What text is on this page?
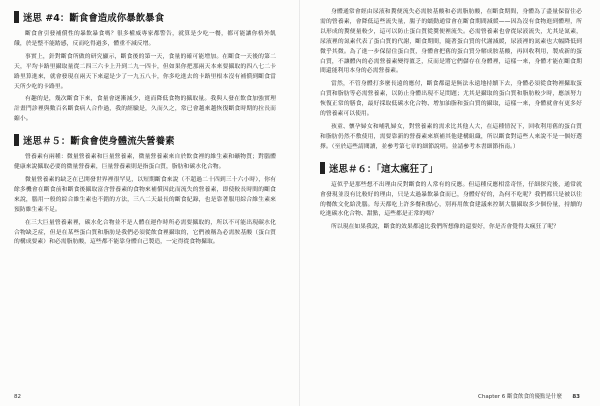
迷思 #4：斷食會造成你暴飲暴食

斷食會引發補償性的暴飲暴食嗎？很多權威專家都警告，就算是少吃一餐，都可能讓你格外飢餓，於是整不能踏感，反而吃得過多，體重不減反增。

事實上，針對斷食所做的研究顯示，斷食後的第一天，食量的確可能增加。在斷食一天後的第二天，平均卡路里攝取量從二四三六卡上升到二九一四卡，但如果你把那兩天本來要攝取的四八七二卡路里算進來，就會發現在兩天下來還是少了一九五八卡，你多吃進去的卡路里根本沒有補償到斷食當天所少吃的卡路里。

有趣的是，幾次斷食下來，食量會逐漸減少，進而降低食物的攝取量。我與人發在飲食加強實理計畫門診裡與數百名斷食病人合作過，我的經驗是，久而久之，常已會越來越恢復斷食時期的拉長而縮小。

迷思＃５：斷食會使身體流失營養素

營養素有兩種：微量營養素和巨量營養素，微量營養素來自於飲食裡的維生素和礦物質；對腦體健康來說攝取必要的微量營養素，巨量營養素則是指蛋白質，脂肪和碳水化合物。

微量營養素的缺乏在已開發世界裡很罕見，以短期斷食來說（不超過二十四到三十六小時），你有餘多機會在斷食前和斷食後攝取富含營養素的食物來補償因此而流失的營養素，即使較長時間的斷食來說，腦用一般的綜合維生素也不錯的方法，三八二天最長的斷食紀錄，也是靠著服用綜合維生素來預防維生素不足。

在三大巨量營養素裡，碳水化合物並不是人體在運作時所必需要攝取的，所以不可能出現碳水化合物缺乏症，但是在某些蛋白質和脂肪是我們必須從飲食裡攝取的，它們被稱為必需胺基酸（蛋白質的構成要素）和必需脂肪酸，這些都不能靠身體自己製造，一定得從食物攝取。

82

身體通常會經由尿液和糞便流失必需胺基酸和必需脂肪酸，在斷食期間，身體為了盡量保留住必需的營養素，會降低這些流失量，腸子的蠕動通常會在斷食期間減緩——因為沒有食物進到體理，所以形成的糞便量較少，這可以防止蛋白質從糞便裡流失。必需營養素也會從尿液流失，尤其是氮素，尿液裡的氮素代表了蛋白質的代謝，斷食期間，隨著蛋白質的代謝減緩，尿液裡的氮素也大幅降低到微乎其微。為了進一步保留住蛋白質，身體會把舊的蛋白質分解成胺基酸，再回收利用，製成新的蛋白質，不讓體內的必需營養素變得匱乏，反而是將它們儲存在身體裡，這樣一來，身體才能在斷食期間還能利用本身的必需營養素。

當然，不管身體打多麼長遠的應付，斷食都還是無法永遠地持續下去，身體必須從食物裡攝取蛋白質和脂肪等必需營養素，以防止身體出現不足問題；尤其是攝取的蛋白質和脂肪較少時，應該努力恢復正常的膳食，最好採取低碳水化合物、增加油脂和蛋白質的攝取，這樣一來，身體就會有更多好的營養素可以使用。

孩童、懷孕婦女和哺乳婦女，對營養素的需求比其他人大，在這種情況下，回收利用舊的蛋白質和脂肪仍然不敷使用，需要靠新的營養素來填補其他建構組織，所以斷食對這些人來說不是一個好選擇。（至於這些請閱讀，並參考第七章的細節說明。並請參考本書細節指南。）

迷思＃６：「這太瘋狂了」

這似乎是那些想不出理由反對斷食的人常有的反應。但這種反應相當奇怪，仔細探究後，通常就會發現並沒有比較好的理由，只是太過暴飲暴食而已，身體好好的，為何不吃呢？我們都只是被以往的餐飲文化給洗腦。每天都吃上許多餐和點心，別再用飲食建議來控制大腦攝取多少個份量，持續的吃進碳水化合物、甜點，這些都是正常的嗎？

所以現在如果我說，斷食的效果都遠比我們所想像的還要好，你是否會覺得太瘋狂了呢？

Chapter 6 斷食飲食的優點是什麼 83
